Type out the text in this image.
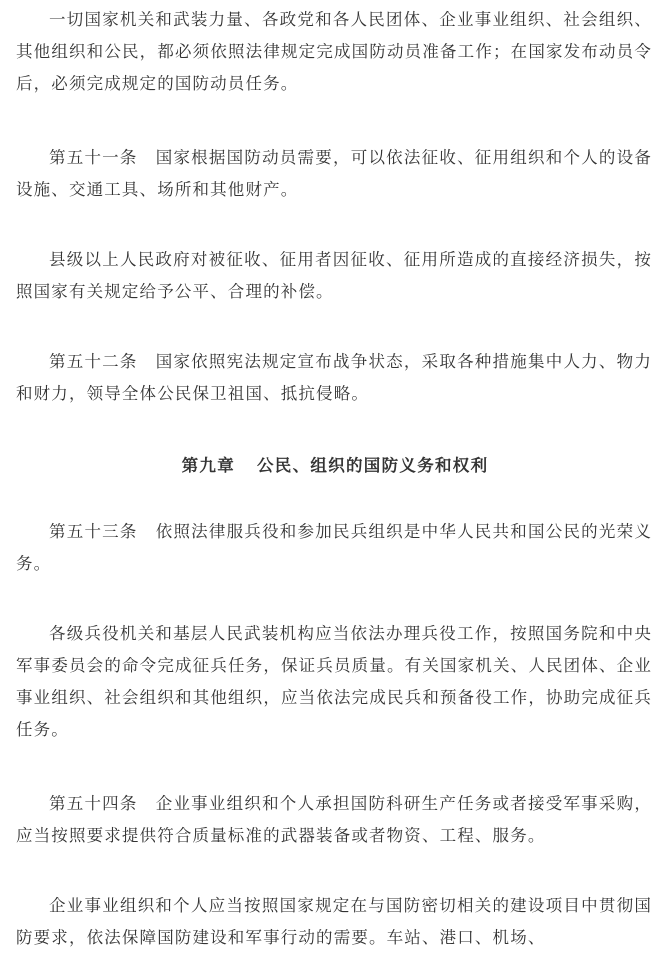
一切国家机关和武装力量、各政党和各人民团体、企业事业组织、社会组织、其他组织和公民，都必须依照法律规定完成国防动员准备工作；在国家发布动员令后，必须完成规定的国防动员任务。

第五十一条 国家根据国防动员需要，可以依法征收、征用组织和个人的设备设施、交通工具、场所和其他财产。

县级以上人民政府对被征收、征用者因征收、征用所造成的直接经济损失，按照国家有关规定给予公平、合理的补偿。

第五十二条 国家依照宪法规定宣布战争状态，采取各种措施集中人力、物力和财力，领导全体公民保卫祖国、抵抗侵略。

第九章 公民、组织的国防义务和权利

第五十三条 依照法律服兵役和参加民兵组织是中华人民共和国公民的光荣义务。

各级兵役机关和基层人民武装机构应当依法办理兵役工作，按照国务院和中央军事委员会的命令完成征兵任务，保证兵员质量。有关国家机关、人民团体、企业事业组织、社会组织和其他组织，应当依法完成民兵和预备役工作，协助完成征兵任务。

第五十四条 企业事业组织和个人承担国防科研生产任务或者接受军事采购，应当按照要求提供符合质量标准的武器装备或者物资、工程、服务。

企业事业组织和个人应当按照国家规定在与国防密切相关的建设项目中贯彻国防要求，依法保障国防建设和军事行动的需要。车站、港口、机场、
